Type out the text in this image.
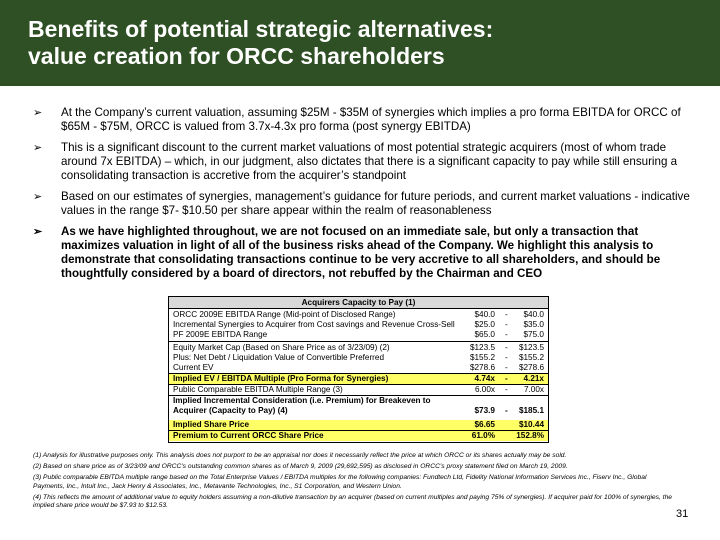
Benefits of potential strategic alternatives:
value creation for ORCC shareholders
➢ At the Company’s current valuation, assuming $25M - $35M of synergies which implies a pro forma EBITDA for ORCC of $65M - $75M, ORCC is valued from 3.7x-4.3x pro forma (post synergy EBITDA)
➢ This is a significant discount to the current market valuations of most potential strategic acquirers (most of whom trade around 7x EBITDA) – which, in our judgment, also dictates that there is a significant capacity to pay while still ensuring a consolidating transaction is accretive from the acquirer’s standpoint
➢ Based on our estimates of synergies, management’s guidance for future periods, and current market valuations - indicative values in the range $7- $10.50 per share appear within the realm of reasonableness
➢ As we have highlighted throughout, we are not focused on an immediate sale, but only a transaction that maximizes valuation in light of all of the business risks ahead of the Company. We highlight this analysis to demonstrate that consolidating transactions continue to be very accretive to all shareholders, and should be thoughtfully considered by a board of directors, not rebuffed by the Chairman and CEO
Acquirers Capacity to Pay (1)
ORCC 2009E EBITDA Range (Mid-point of Disclosed Range)	$40.0 - $40.0
Incremental Synergies to Acquirer from Cost savings and Revenue Cross-Sell $25.0 - $35.0
PF 2009E EBITDA Range	$65.0 - $75.0
Equity Market Cap (Based on Share Price as of 3/23/09) (2)	$123.5 - $123.5
Plus: Net Debt / Liquidation Value of Convertible Preferred	$155.2 - $155.2
Current EV	$278.6 - $278.6
Implied EV / EBITDA Multiple (Pro Forma for Synergies)	4.74x - 4.21x
Public Comparable EBITDA Multiple Range (3)	6.00x - 7.00x
Implied Incremental Consideration (i.e. Premium) for Breakeven to
Acquirer (Capacity to Pay) (4)	$73.9 - $185.1
Implied Share Price	$6.65	$10.44
Premium to Current ORCC Share Price	61.0%	152.8%

(1) Analysis for illustrative purposes only. This analysis does not purport to be an appraisal nor does it necessarily reflect the price at which ORCC or its shares actually may be sold.

(2) Based on share price as of 3/23/09 and ORCC’s outstanding common shares as of March 9, 2009 (29,692,595) as disclosed in ORCC’s proxy statement filed on March 19, 2009.

(3) Public comparable EBITDA multiple range based on the Total Enterprise Values / EBITDA multiples for the following companies: Fundtech Ltd, Fidelity National Information Services Inc., Fiserv Inc., Global Payments, Inc., Intuit Inc., Jack Henry & Associates, Inc., Metavante Technologies, Inc., S1 Corporation, and Western Union.

(4) This reflects the amount of additional value to equity holders assuming a non-dilutive transaction by an acquirer (based on current multiples and paying 75% of synergies). If acquirer paid for 100% of synergies, the implied share price would be $7.93 to $12.53.

31
